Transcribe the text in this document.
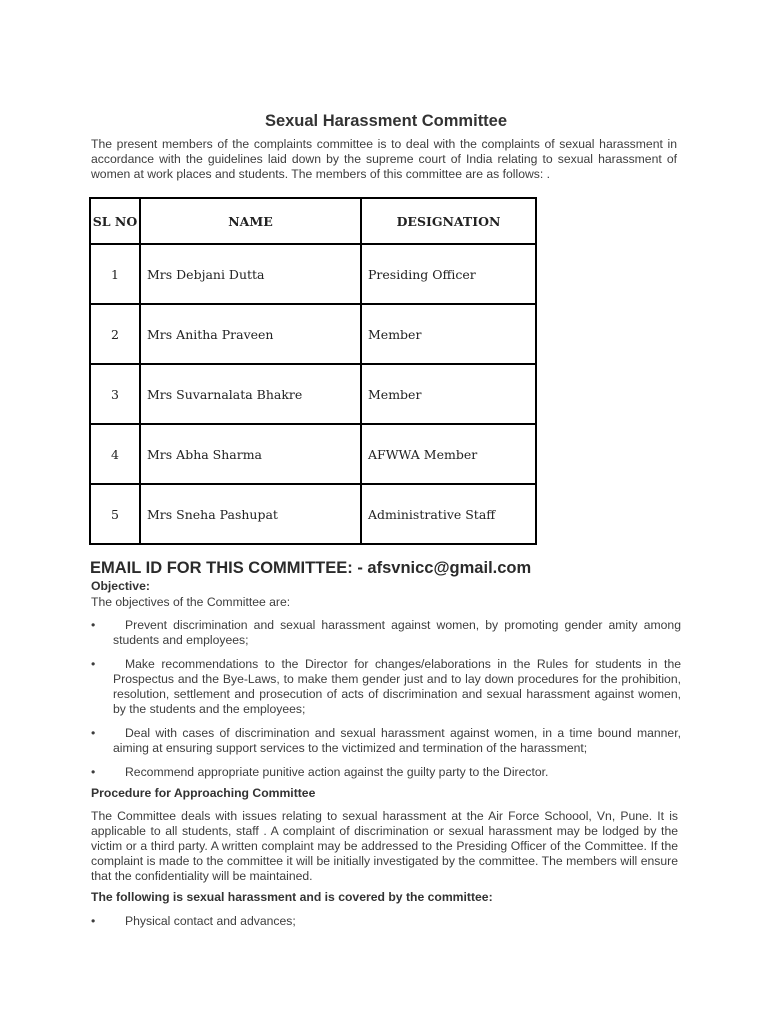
Sexual Harassment Committee
The present members of the complaints committee is to deal with the complaints of sexual harassment in accordance with the guidelines laid down by the supreme court of India relating to sexual harassment of women at work places and students. The members of this committee are as follows: .
SL NO	NAME	DESIGNATION
1	Mrs Debjani Dutta	Presiding Officer
2	Mrs Anitha Praveen	Member
3	Mrs Suvarnalata Bhakre	Member
4	Mrs Abha Sharma	AFWWA Member
5	Mrs Sneha Pashupat	Administrative Staff
EMAIL ID FOR THIS COMMITTEE: - afsvnicc@gmail.com
Objective:
The objectives of the Committee are:
•	Prevent discrimination and sexual harassment against women, by promoting gender amity among students and employees;
•	Make recommendations to the Director for changes/elaborations in the Rules for students in the Prospectus and the Bye-Laws, to make them gender just and to lay down procedures for the prohibition, resolution, settlement and prosecution of acts of discrimination and sexual harassment against women, by the students and the employees;
•	Deal with cases of discrimination and sexual harassment against women, in a time bound manner, aiming at ensuring support services to the victimized and termination of the harassment;
•	Recommend appropriate punitive action against the guilty party to the Director.
Procedure for Approaching Committee
The Committee deals with issues relating to sexual harassment at the Air Force Schoool, Vn, Pune. It is applicable to all students, staff . A complaint of discrimination or sexual harassment may be lodged by the victim or a third party. A written complaint may be addressed to the Presiding Officer of the Committee. If the complaint is made to the committee it will be initially investigated by the committee. The members will ensure that the confidentiality will be maintained.
The following is sexual harassment and is covered by the committee:
•	Physical contact and advances;
